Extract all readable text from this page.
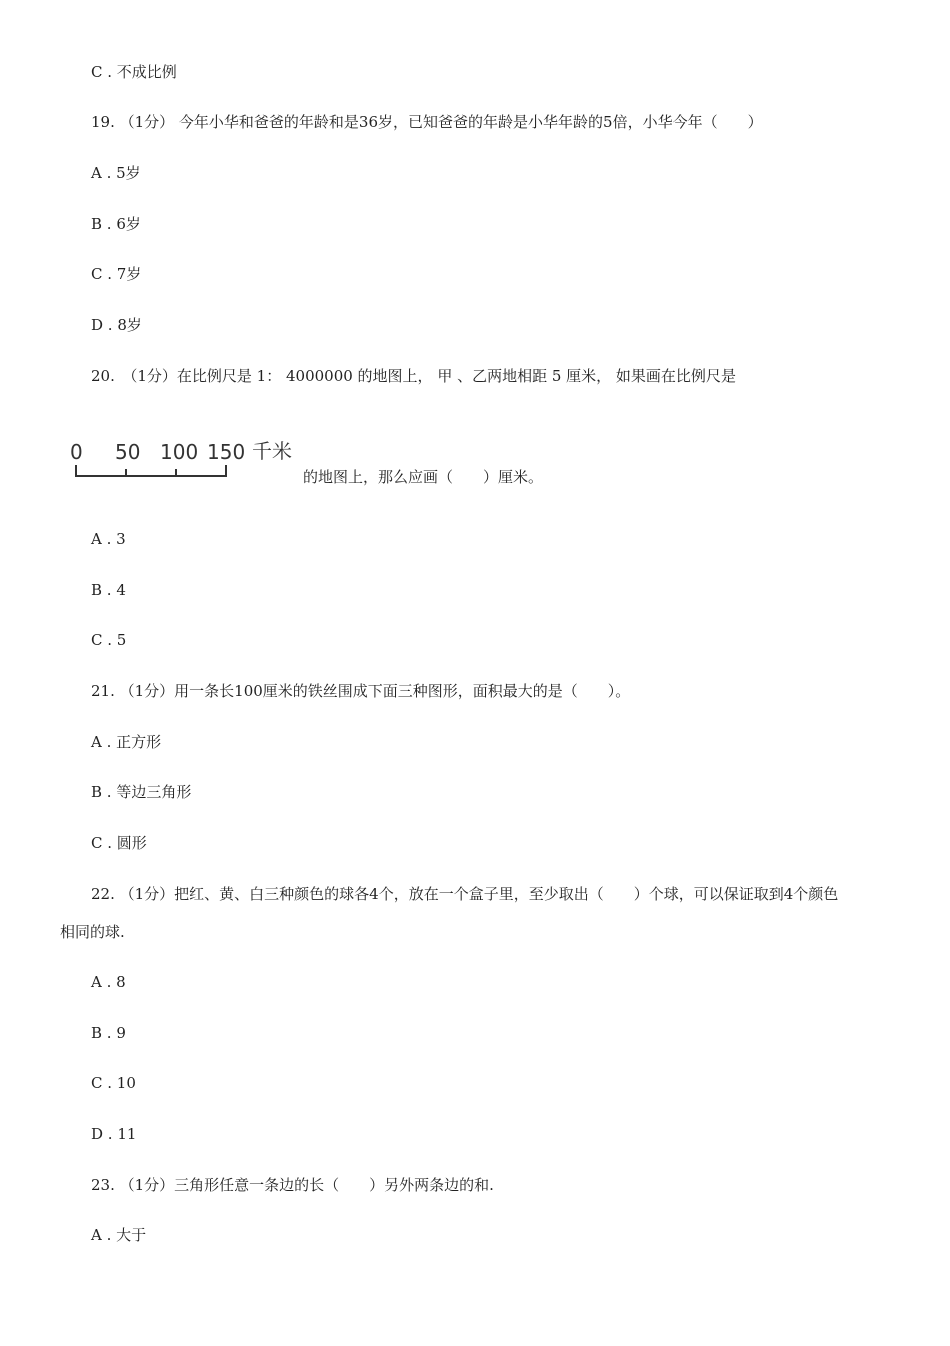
C . 不成比例
19. （1分） 今年小华和爸爸的年龄和是36岁，已知爸爸的年龄是小华年龄的5倍，小华今年（　　）
A . 5岁
B . 6岁
C . 7岁
D . 8岁
20.　（1分）在比例尺是 1： 4000000 的地图上， 甲 、乙两地相距 5 厘米， 如果画在比例尺是
0 50 100 150 千米
的地图上，那么应画（　　）厘米。
A . 3
B . 4
C . 5
21. （1分）用一条长100厘米的铁丝围成下面三种图形，面积最大的是（　　）。
A . 正方形
B . 等边三角形
C . 圆形
22. （1分）把红、黄、白三种颜色的球各4个，放在一个盒子里，至少取出（　　）个球，可以保证取到4个颜色
相同的球.
A . 8
B . 9
C . 10
D . 11
23. （1分）三角形任意一条边的长（　　）另外两条边的和.
A . 大于
